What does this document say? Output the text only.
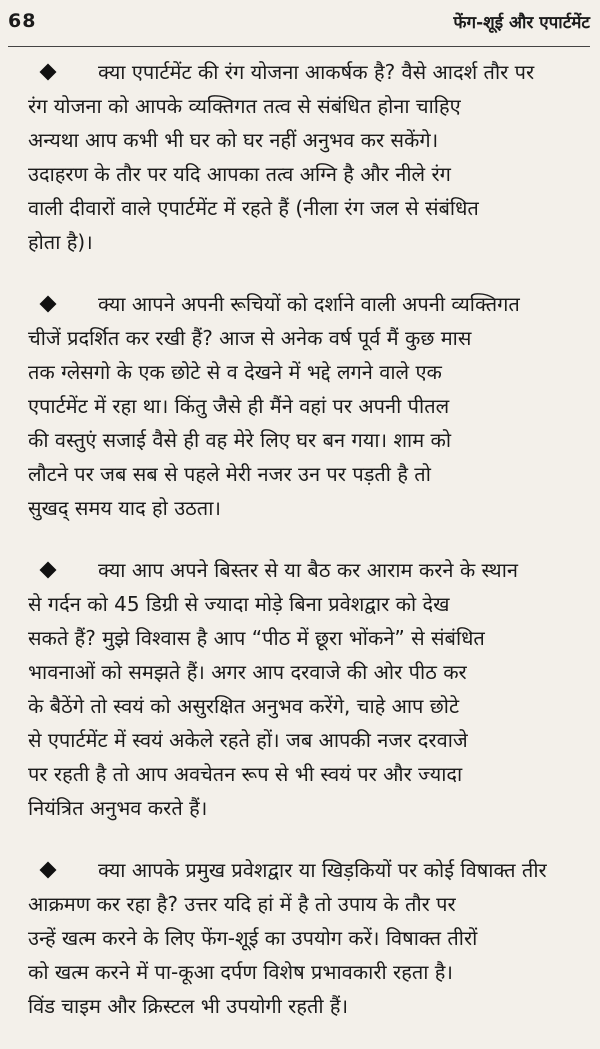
68	फेंग-शूई और एपार्टमेंट
क्या एपार्टमेंट की रंग योजना आकर्षक है? वैसे आदर्श तौर पर
रंग योजना को आपके व्यक्तिगत तत्व से संबंधित होना चाहिए
अन्यथा आप कभी भी घर को घर नहीं अनुभव कर सकेंगे।
उदाहरण के तौर पर यदि आपका तत्व अग्नि है और नीले रंग
वाली दीवारों वाले एपार्टमेंट में रहते हैं (नीला रंग जल से संबंधित
होता है)।
क्या आपने अपनी रूचियों को दर्शाने वाली अपनी व्यक्तिगत
चीजें प्रदर्शित कर रखी हैं? आज से अनेक वर्ष पूर्व मैं कुछ मास
तक ग्लेसगो के एक छोटे से व देखने में भद्दे लगने वाले एक
एपार्टमेंट में रहा था। किंतु जैसे ही मैंने वहां पर अपनी पीतल
की वस्तुएं सजाई वैसे ही वह मेरे लिए घर बन गया। शाम को
लौटने पर जब सब से पहले मेरी नजर उन पर पड़ती है तो
सुखद् समय याद हो उठता।
क्या आप अपने बिस्तर से या बैठ कर आराम करने के स्थान
से गर्दन को 45 डिग्री से ज्यादा मोड़े बिना प्रवेशद्वार को देख
सकते हैं? मुझे विश्वास है आप “पीठ में छूरा भोंकने” से संबंधित
भावनाओं को समझते हैं। अगर आप दरवाजे की ओर पीठ कर
के बैठेंगे तो स्वयं को असुरक्षित अनुभव करेंगे, चाहे आप छोटे
से एपार्टमेंट में स्वयं अकेले रहते हों। जब आपकी नजर दरवाजे
पर रहती है तो आप अवचेतन रूप से भी स्वयं पर और ज्यादा
नियंत्रित अनुभव करते हैं।
क्या आपके प्रमुख प्रवेशद्वार या खिड़कियों पर कोई विषाक्त तीर
आक्रमण कर रहा है? उत्तर यदि हां में है तो उपाय के तौर पर
उन्हें खत्म करने के लिए फेंग-शूई का उपयोग करें। विषाक्त तीरों
को खत्म करने में पा-कूआ दर्पण विशेष प्रभावकारी रहता है।
विंड चाइम और क्रिस्टल भी उपयोगी रहती हैं।
